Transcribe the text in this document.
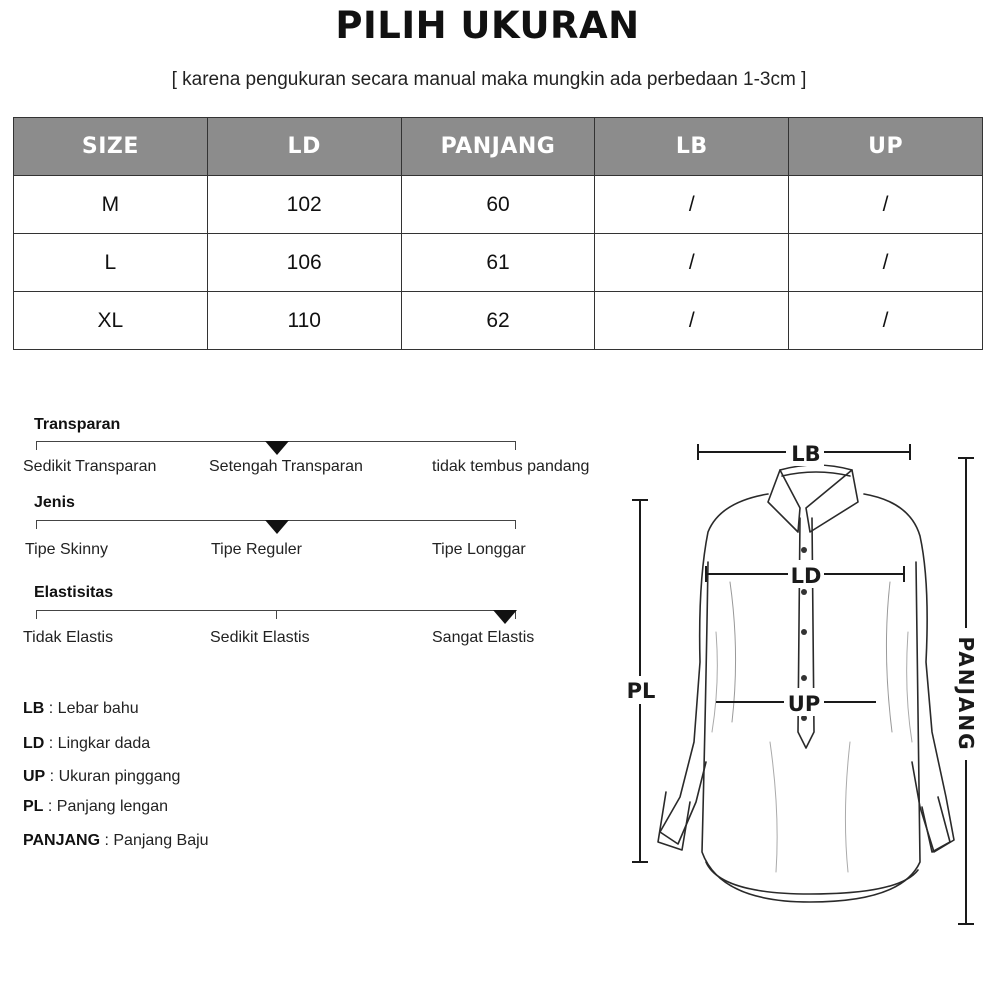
PILIH UKURAN
[ karena pengukuran secara manual maka mungkin ada perbedaan 1-3cm ]
SIZE	LD	PANJANG	LB	UP
M	102	60	/	/
L	106	61	/	/
XL	110	62	/	/
Transparan
Sedikit Transparan	Setengah Transparan	tidak tembus pandang
Jenis
Tipe Skinny	Tipe Reguler	Tipe Longgar
Elastisitas
Tidak Elastis	Sedikit Elastis	Sangat Elastis
LB : Lebar bahu
LD : Lingkar dada
UP : Ukuran pinggang
PL : Panjang lengan
PANJANG : Panjang Baju
LB
LD
UP
PL	PANJANG
